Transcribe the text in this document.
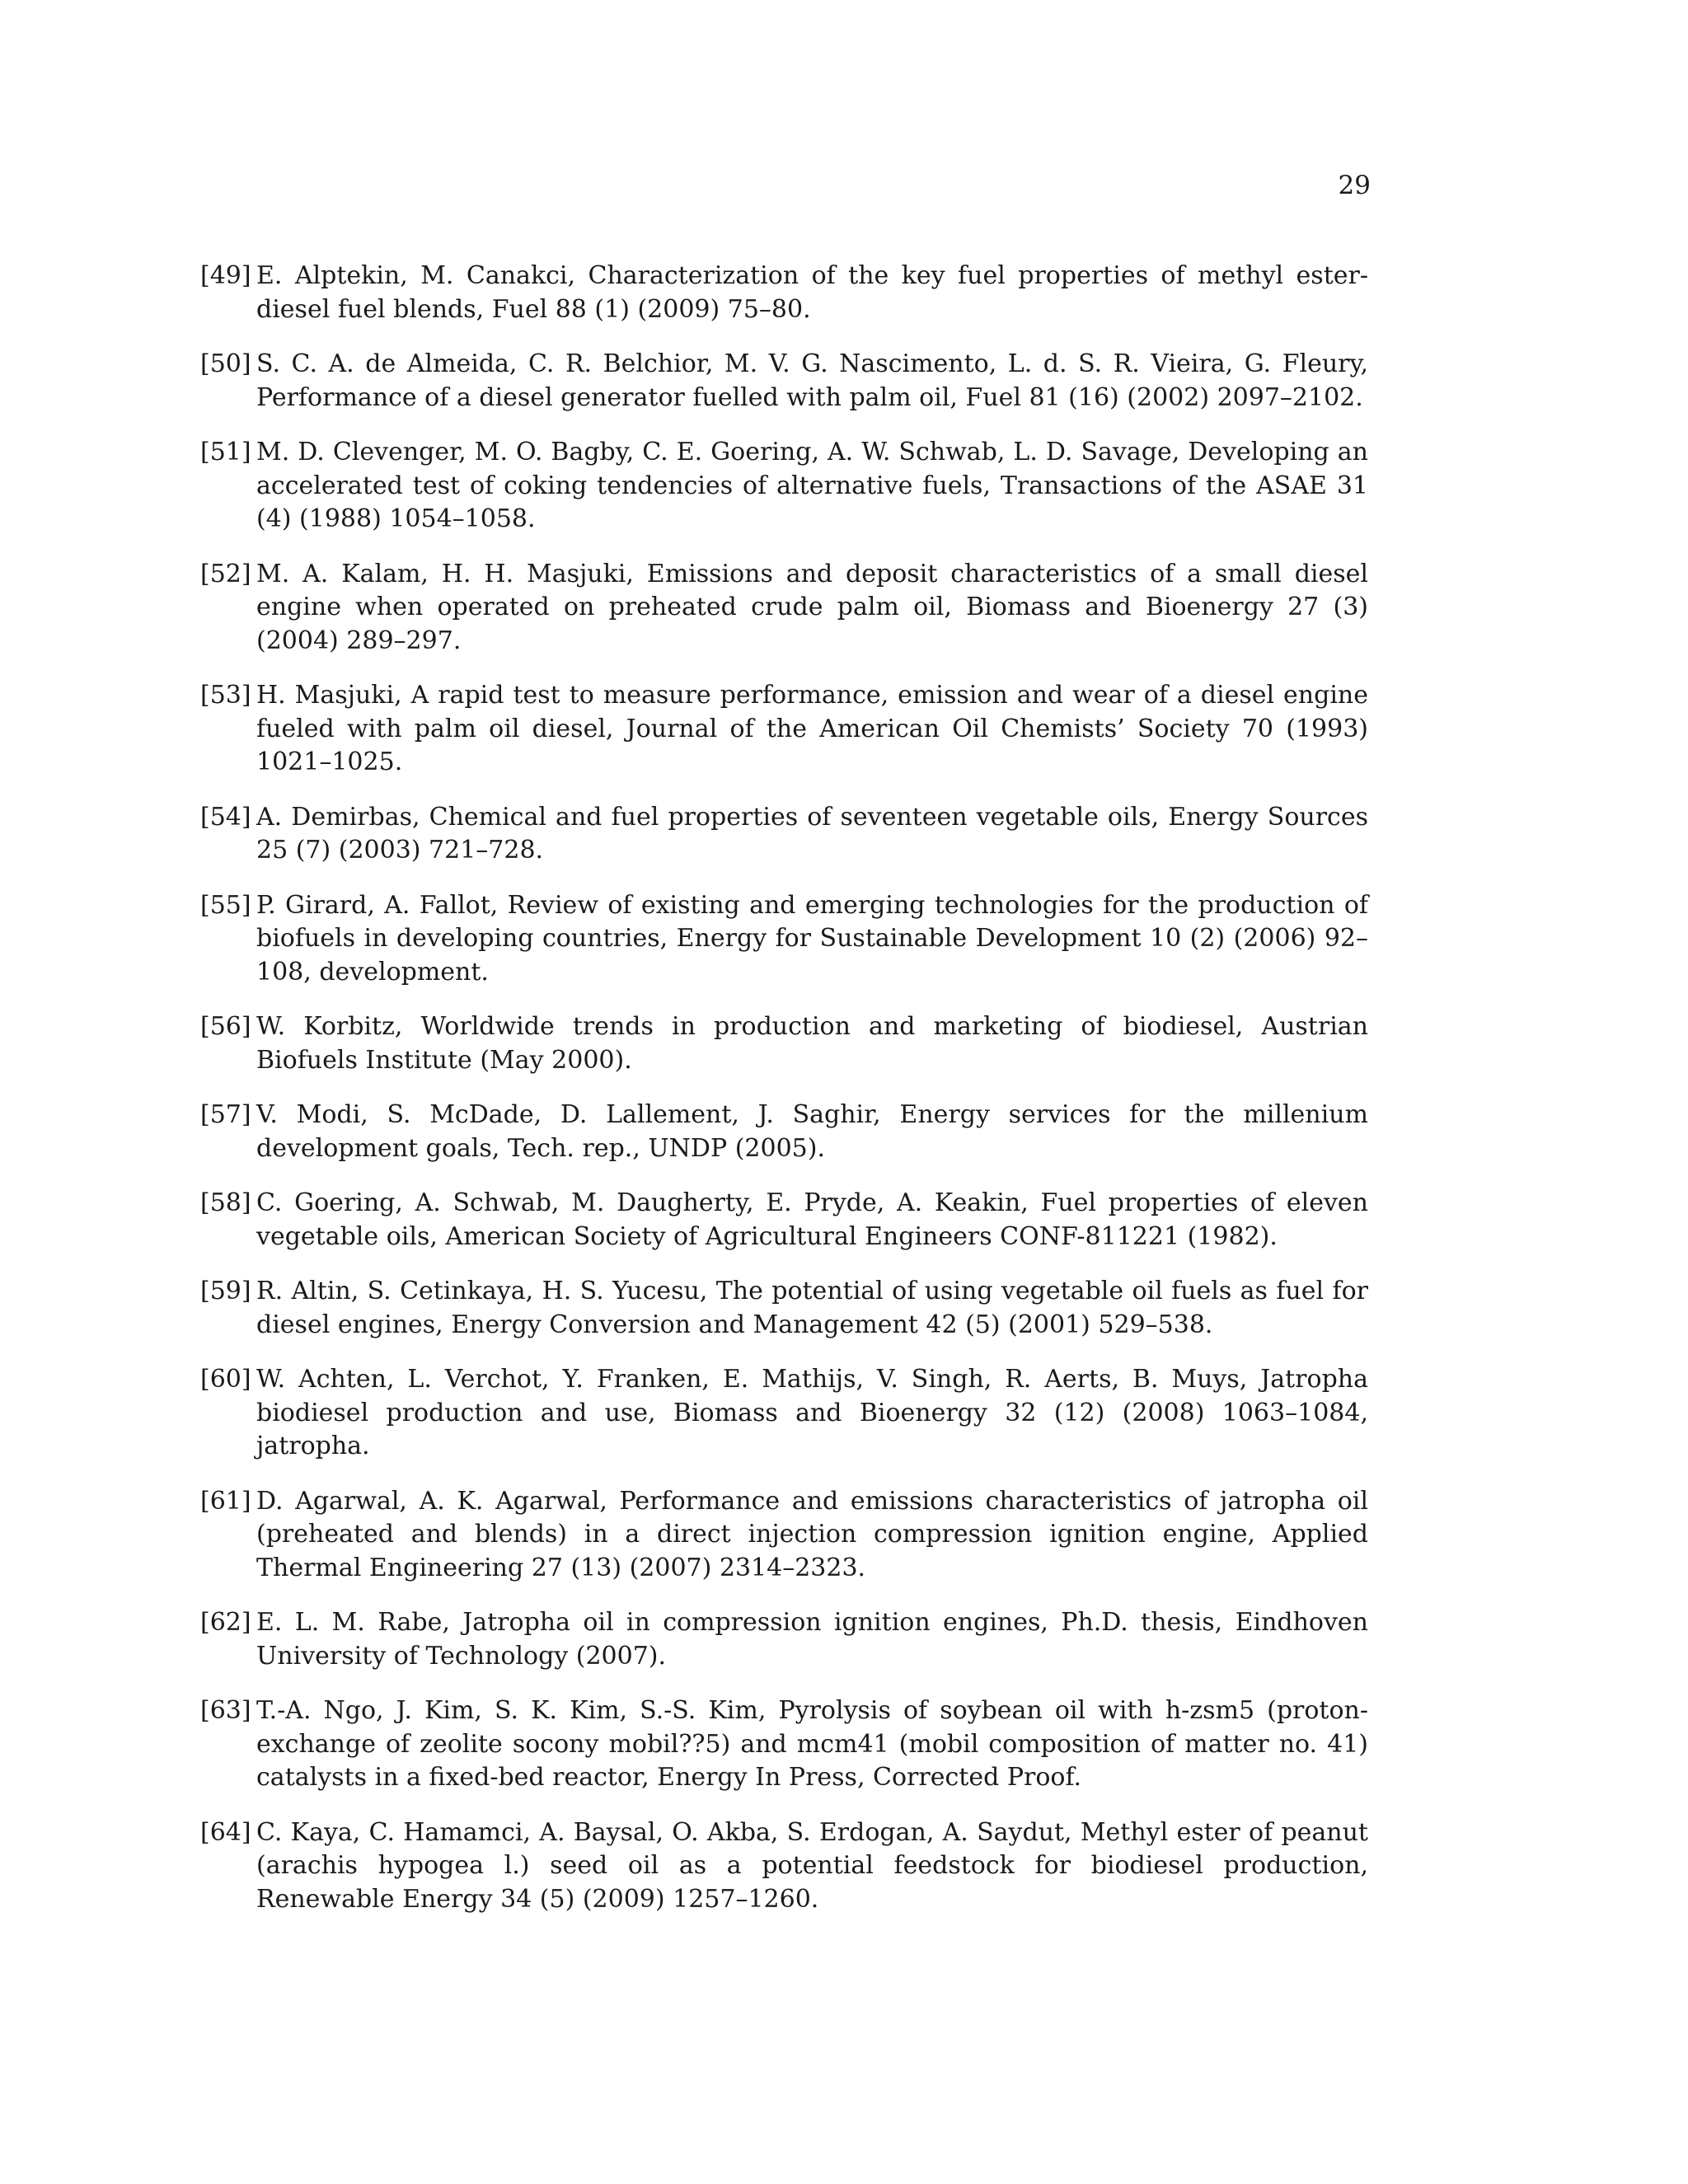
29
[49] E. Alptekin, M. Canakci, Characterization of the key fuel properties of methyl ester-diesel fuel blends, Fuel 88 (1) (2009) 75–80.
[50] S. C. A. de Almeida, C. R. Belchior, M. V. G. Nascimento, L. d. S. R. Vieira, G. Fleury, Performance of a diesel generator fuelled with palm oil, Fuel 81 (16) (2002) 2097–2102.
[51] M. D. Clevenger, M. O. Bagby, C. E. Goering, A. W. Schwab, L. D. Savage, Developing an accelerated test of coking tendencies of alternative fuels, Transactions of the ASAE 31 (4) (1988) 1054–1058.
[52] M. A. Kalam, H. H. Masjuki, Emissions and deposit characteristics of a small diesel engine when operated on preheated crude palm oil, Biomass and Bioenergy 27 (3) (2004) 289–297.
[53] H. Masjuki, A rapid test to measure performance, emission and wear of a diesel engine fueled with palm oil diesel, Journal of the American Oil Chemists’ Society 70 (1993) 1021–1025.
[54] A. Demirbas, Chemical and fuel properties of seventeen vegetable oils, Energy Sources 25 (7) (2003) 721–728.
[55] P. Girard, A. Fallot, Review of existing and emerging technologies for the production of biofuels in developing countries, Energy for Sustainable Development 10 (2) (2006) 92–108, development.
[56] W. Korbitz, Worldwide trends in production and marketing of biodiesel, Austrian Biofuels Institute (May 2000).
[57] V. Modi, S. McDade, D. Lallement, J. Saghir, Energy services for the millenium development goals, Tech. rep., UNDP (2005).
[58] C. Goering, A. Schwab, M. Daugherty, E. Pryde, A. Keakin, Fuel properties of eleven vegetable oils, American Society of Agricultural Engineers CONF-811221 (1982).
[59] R. Altin, S. Cetinkaya, H. S. Yucesu, The potential of using vegetable oil fuels as fuel for diesel engines, Energy Conversion and Management 42 (5) (2001) 529–538.
[60] W. Achten, L. Verchot, Y. Franken, E. Mathijs, V. Singh, R. Aerts, B. Muys, Jatropha biodiesel production and use, Biomass and Bioenergy 32 (12) (2008) 1063–1084, jatropha.
[61] D. Agarwal, A. K. Agarwal, Performance and emissions characteristics of jatropha oil (preheated and blends) in a direct injection compression ignition engine, Applied Thermal Engineering 27 (13) (2007) 2314–2323.
[62] E. L. M. Rabe, Jatropha oil in compression ignition engines, Ph.D. thesis, Eindhoven University of Technology (2007).
[63] T.-A. Ngo, J. Kim, S. K. Kim, S.-S. Kim, Pyrolysis of soybean oil with h-zsm5 (proton-exchange of zeolite socony mobil??5) and mcm41 (mobil composition of matter no. 41) catalysts in a fixed-bed reactor, Energy In Press, Corrected Proof.
[64] C. Kaya, C. Hamamci, A. Baysal, O. Akba, S. Erdogan, A. Saydut, Methyl ester of peanut (arachis hypogea l.) seed oil as a potential feedstock for biodiesel production, Renewable Energy 34 (5) (2009) 1257–1260.
